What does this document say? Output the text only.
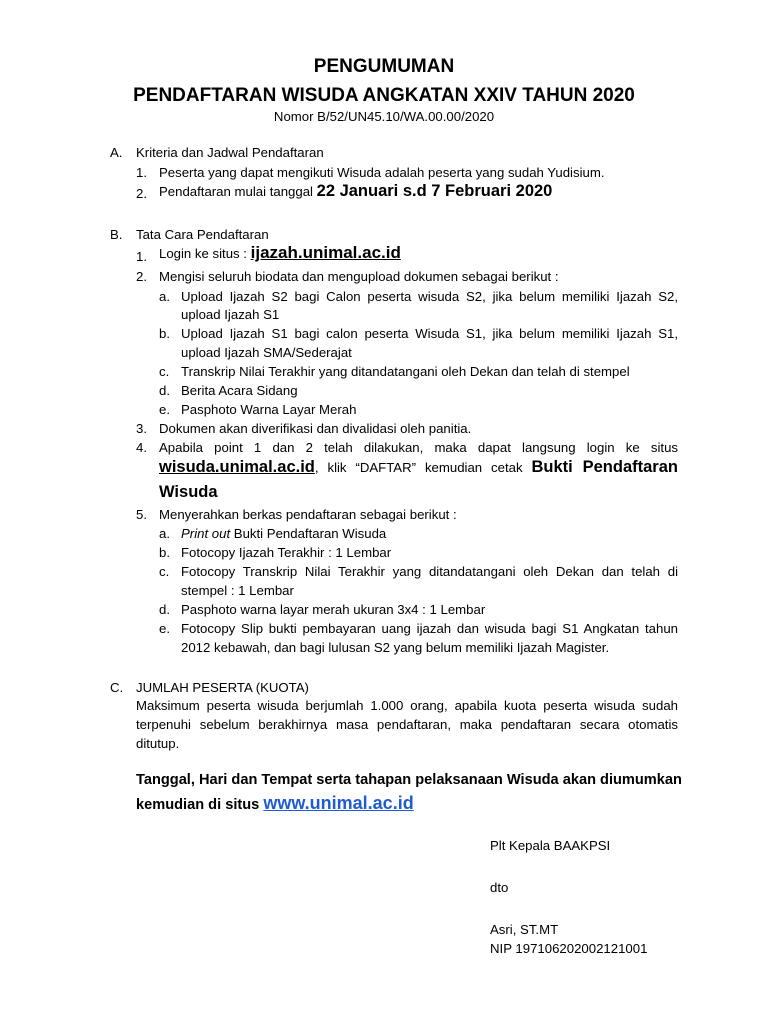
PENGUMUMAN
PENDAFTARAN WISUDA ANGKATAN XXIV TAHUN 2020
Nomor B/52/UN45.10/WA.00.00/2020
A. Kriteria dan Jadwal Pendaftaran
1. Peserta yang dapat mengikuti Wisuda adalah peserta yang sudah Yudisium.
2. Pendaftaran mulai tanggal 22 Januari s.d 7 Februari 2020
B. Tata Cara Pendaftaran
1. Login ke situs : ijazah.unimal.ac.id
2. Mengisi seluruh biodata dan mengupload dokumen sebagai berikut :
a. Upload Ijazah S2 bagi Calon peserta wisuda S2, jika belum memiliki Ijazah S2,
upload Ijazah S1
b. Upload Ijazah S1 bagi calon peserta Wisuda S1, jika belum memiliki Ijazah S1,
upload Ijazah SMA/Sederajat
c. Transkrip Nilai Terakhir yang ditandatangani oleh Dekan dan telah di stempel
d. Berita Acara Sidang
e. Pasphoto Warna Layar Merah
3. Dokumen akan diverifikasi dan divalidasi oleh panitia.
4. Apabila point 1 dan 2 telah dilakukan, maka dapat langsung login ke situs
wisuda.unimal.ac.id, klik “DAFTAR” kemudian cetak Bukti Pendaftaran
Wisuda
5. Menyerahkan berkas pendaftaran sebagai berikut :
a. Print out Bukti Pendaftaran Wisuda
b. Fotocopy Ijazah Terakhir : 1 Lembar
c. Fotocopy Transkrip Nilai Terakhir yang ditandatangani oleh Dekan dan telah di
stempel : 1 Lembar
d. Pasphoto warna layar merah ukuran 3x4 : 1 Lembar
e. Fotocopy Slip bukti pembayaran uang ijazah dan wisuda bagi S1 Angkatan tahun
2012 kebawah, dan bagi lulusan S2 yang belum memiliki Ijazah Magister.
C. JUMLAH PESERTA (KUOTA)
Maksimum peserta wisuda berjumlah 1.000 orang, apabila kuota peserta wisuda sudah
terpenuhi sebelum berakhirnya masa pendaftaran, maka pendaftaran secara otomatis
ditutup.
Tanggal, Hari dan Tempat serta tahapan pelaksanaan Wisuda akan diumumkan
kemudian di situs www.unimal.ac.id
Plt Kepala BAAKPSI
dto
Asri, ST.MT
NIP 197106202002121001
